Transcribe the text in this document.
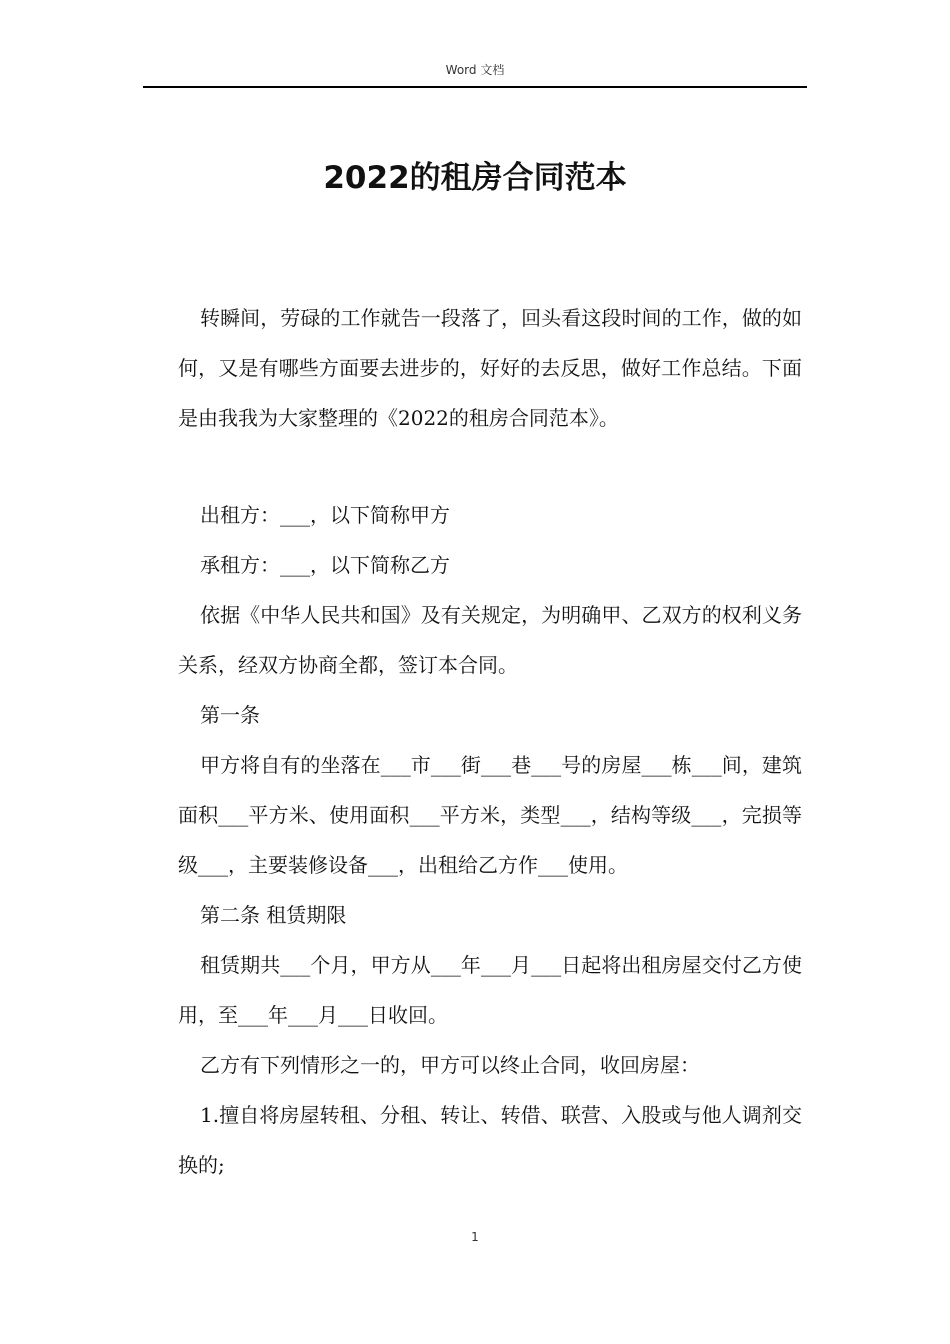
Word 文档
2022的租房合同范本

转瞬间，劳碌的工作就告一段落了，回头看这段时间的工作，做的如何，又是有哪些方面要去进步的，好好的去反思，做好工作总结。下面是由我我为大家整理的《2022的租房合同范本》。

出租方：___，以下简称甲方

承租方：___，以下简称乙方

依据《中华人民共和国》及有关规定，为明确甲、乙双方的权利义务关系，经双方协商全都，签订本合同。

第一条

甲方将自有的坐落在___市___街___巷___号的房屋___栋___间，建筑面积___平方米、使用面积___平方米，类型___，结构等级___，完损等级___，主要装修设备___，出租给乙方作___使用。

第二条 租赁期限

租赁期共___个月，甲方从___年___月___日起将出租房屋交付乙方使用，至___年___月___日收回。

乙方有下列情形之一的，甲方可以终止合同，收回房屋：

1.擅自将房屋转租、分租、转让、转借、联营、入股或与他人调剂交换的;

1
